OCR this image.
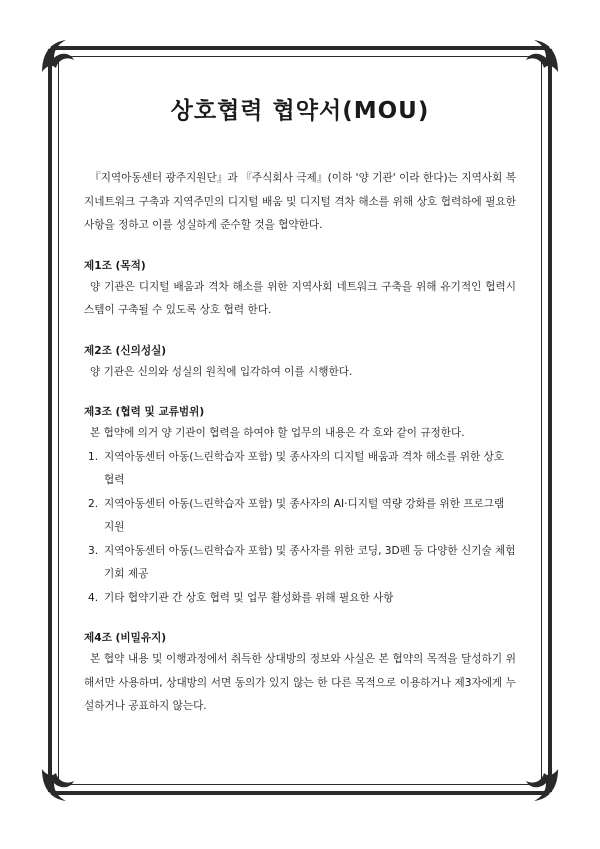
상호협력 협약서(MOU)

『지역아동센터 광주지원단』과 『주식회사 극제』(이하 '양 기관' 이라 한다)는 지역사회 복지네트워크 구축과 지역주민의 디지털 배움 및 디지털 격차 해소를 위해 상호 협력하에 필요한 사항을 정하고 이를 성실하게 준수할 것을 협약한다.

제1조 (목적)

양 기관은 디지털 배움과 격차 해소를 위한 지역사회 네트워크 구축을 위해 유기적인 협력시스템이 구축될 수 있도록 상호 협력 한다.

제2조 (신의성실)

양 기관은 신의와 성실의 원칙에 입각하여 이를 시행한다.

제3조 (협력 및 교류범위)

본 협약에 의거 양 기관이 협력을 하여야 할 업무의 내용은 각 호와 같이 규정한다.

1. 지역아동센터 아동(느린학습자 포함) 및 종사자의 디지털 배움과 격차 해소를 위한 상호 협력
2. 지역아동센터 아동(느린학습자 포함) 및 종사자의 AI·디지털 역량 강화를 위한 프로그램 지원
3. 지역아동센터 아동(느린학습자 포함) 및 종사자를 위한 코딩, 3D펜 등 다양한 신기술 체험기회 제공
4. 기타 협약기관 간 상호 협력 및 업무 활성화를 위해 필요한 사항

제4조 (비밀유지)

본 협약 내용 및 이행과정에서 취득한 상대방의 정보와 사실은 본 협약의 목적을 달성하기 위해서만 사용하며, 상대방의 서면 동의가 있지 않는 한 다른 목적으로 이용하거나 제3자에게 누설하거나 공표하지 않는다.
